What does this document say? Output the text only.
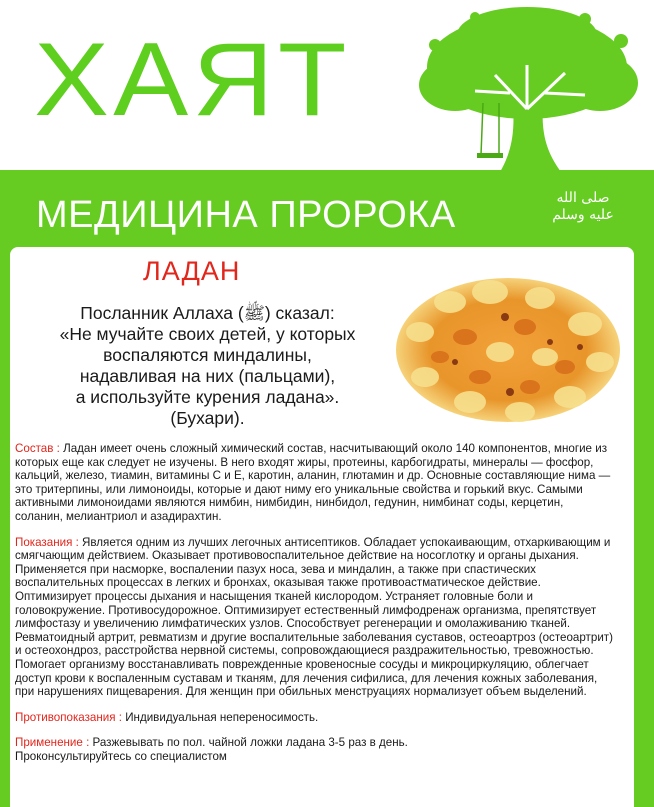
ХАЯТ
МЕДИЦИНА ПРОРОКА	صلى الله عليه وسلم
ЛАДАН
Посланник Аллаха (ﷺ) сказал:
«Не мучайте своих детей, у которых
воспаляются миндалины,
надавливая на них (пальцами),
а используйте курения ладана».
(Бухари).
Состав : Ладан имеет очень сложный химический состав, насчитывающий около 140 компонентов, многие из которых еще как следует не изучены. В него входят жиры, протеины, карбогидраты, минералы — фосфор, кальций, железо, тиамин, витамины С и Е, каротин, аланин, глютамин и др. Основные составляющие нима — это тритерпины, или лимоноиды, которые и дают ниму его уникальные свойства и горький вкус. Самыми активными лимоноидами являются нимбин, нимбидин, нинбидол, гедунин, нимбинат соды, керцетин, соланин, мелиантриол и азадирахтин.
Показания : Является одним из лучших легочных антисептиков. Обладает успокаивающим, отхаркивающим и смягчающим действием. Оказывает противовоспалительное действие на носоглотку и органы дыхания. Применяется при насморке, воспалении пазух носа, зева и миндалин, а также при спастических воспалительных процессах в легких и бронхах, оказывая также противоастматическое действие. Оптимизирует процессы дыхания и насыщения тканей кислородом. Устраняет головные боли и головокружение. Противосудорожное. Оптимизирует естественный лимфодренаж организма, препятствует лимфостазу и увеличению лимфатических узлов. Способствует регенерации и омолаживанию тканей. Ревматоидный артрит, ревматизм и другие воспалительные заболевания суставов, остеоартроз (остеоартрит) и остеохондроз, расстройства нервной системы, сопровождающиеся раздражительностью, тревожностью. Помогает организму восстанавливать поврежденные кровеносные сосуды и микроциркуляцию, облегчает доступ крови к воспаленным суставам и тканям, для лечения сифилиса, для лечения кожных заболевания, при нарушениях пищеварения. Для женщин при обильных менструациях нормализует объем выделений.
Противопоказания : Индивидуальная непереносимость.
Применение : Разжевывать по пол. чайной ложки ладана 3-5 раз в день.
Проконсультируйтесь со специалистом
